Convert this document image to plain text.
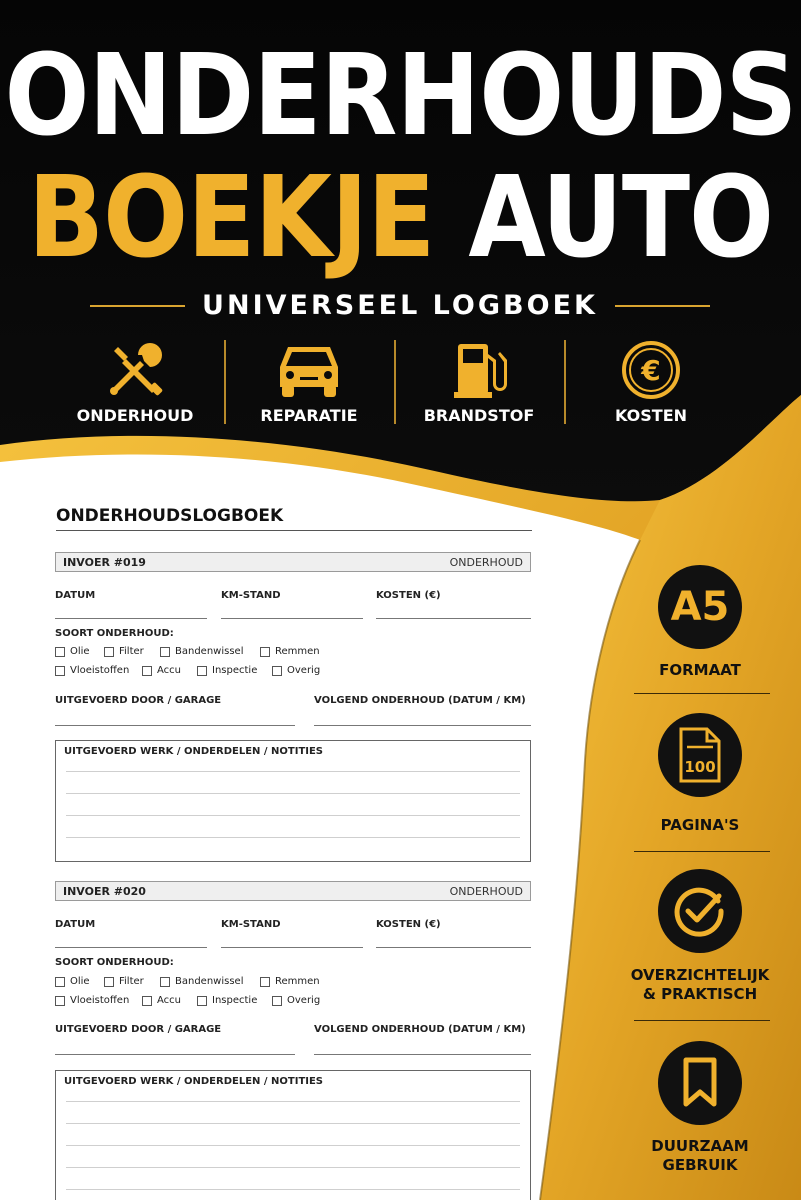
ONDERHOUDS
BOEKJE AUTO
UNIVERSEEL LOGBOEK
ONDERHOUD	REPARATIE	BRANDSTOF
€
KOSTEN
ONDERHOUDSLOGBOEK
INVOER #019	ONDERHOUD
DATUM	KM-STAND	KOSTEN (€)
SOORT ONDERHOUD:
Olie	Filter	Bandenwissel	Remmen
Vloeistoffen	Accu	Inspectie	Overig
UITGEVOERD DOOR / GARAGE	VOLGEND ONDERHOUD (DATUM / KM)
UITGEVOERD WERK / ONDERDELEN / NOTITIES
INVOER #020	ONDERHOUD
DATUM	KM-STAND	KOSTEN (€)
SOORT ONDERHOUD:
Olie	Filter	Bandenwissel	Remmen
Vloeistoffen	Accu	Inspectie	Overig
UITGEVOERD DOOR / GARAGE	VOLGEND ONDERHOUD (DATUM / KM)
UITGEVOERD WERK / ONDERDELEN / NOTITIES
A5
FORMAAT
100
PAGINA'S
OVERZICHTELIJK
& PRAKTISCH
DUURZAAM
GEBRUIK
